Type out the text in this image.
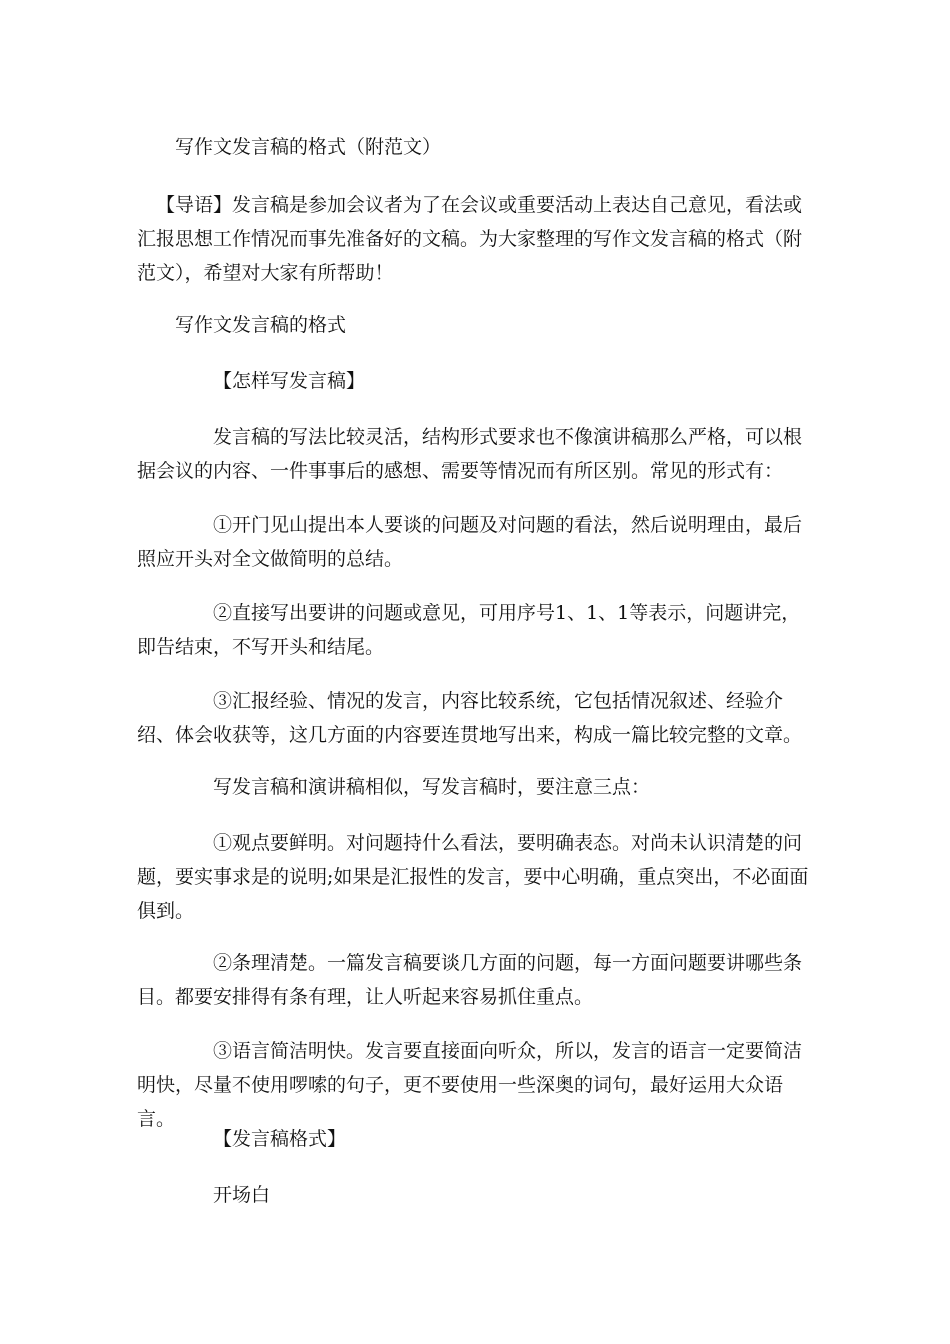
写作文发言稿的格式（附范文）

【导语】发言稿是参加会议者为了在会议或重要活动上表达自己意见，看法或汇报思想工作情况而事先准备好的文稿。为大家整理的写作文发言稿的格式（附范文），希望对大家有所帮助！

写作文发言稿的格式

【怎样写发言稿】

发言稿的写法比较灵活，结构形式要求也不像演讲稿那么严格，可以根据会议的内容、一件事事后的感想、需要等情况而有所区别。常见的形式有：

①开门见山提出本人要谈的问题及对问题的看法，然后说明理由，最后照应开头对全文做简明的总结。

②直接写出要讲的问题或意见，可用序号1、1、1等表示，问题讲完，即告结束，不写开头和结尾。

③汇报经验、情况的发言，内容比较系统，它包括情况叙述、经验介绍、体会收获等，这几方面的内容要连贯地写出来，构成一篇比较完整的文章。

写发言稿和演讲稿相似，写发言稿时，要注意三点：

①观点要鲜明。对问题持什么看法，要明确表态。对尚未认识清楚的问题，要实事求是的说明;如果是汇报性的发言，要中心明确，重点突出，不必面面俱到。

②条理清楚。一篇发言稿要谈几方面的问题，每一方面问题要讲哪些条目。都要安排得有条有理，让人听起来容易抓住重点。

③语言简洁明快。发言要直接面向听众，所以，发言的语言一定要简洁明快，尽量不使用啰嗦的句子，更不要使用一些深奥的词句，最好运用大众语言。

【发言稿格式】

开场白
